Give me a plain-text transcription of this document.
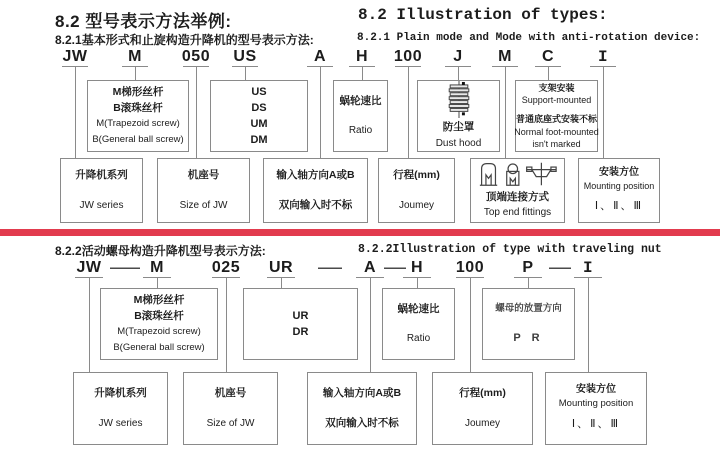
8.2 型号表示方法举例:
8.2.1基本形式和止旋构造升降机的型号表示方法:
8.2 Illustration of types:
8.2.1 Plain mode and Mode with anti-rotation device:
JW	M 050 US	A H 100 J M C	I
M梯形丝杆
B滚珠丝杆
M(Trapezoid screw)
B(General ball screw)
US
DS
UM
DM
蜗轮速比
Ratio	防尘罩
Dust hood
支架安装
Support-mounted
普通底座式安装不标
Normal foot-mounted
isn't marked
升降机系列
JW series
机座号
Size of JW
输入轴方向A或B
双向输入时不标
行程(mm)
Joumey
顶端连接方式
Top end fittings
安装方位
Mounting position
Ⅰ、Ⅱ、Ⅲ
8.2.2活动螺母构造升降机型号表示方法:	8.2.2Illustration of type with traveling nut
JW	M	025 UR	A H 100 P	I
M梯形丝杆
B滚珠丝杆
M(Trapezoid screw)
B(General ball screw)
UR
DR
蜗轮速比
Ratio
螺母的放置方向
P R
升降机系列
JW series
机座号
Size of JW
输入轴方向A或B
双向输入时不标
行程(mm)
Joumey
安装方位
Mounting position
Ⅰ、Ⅱ、Ⅲ
